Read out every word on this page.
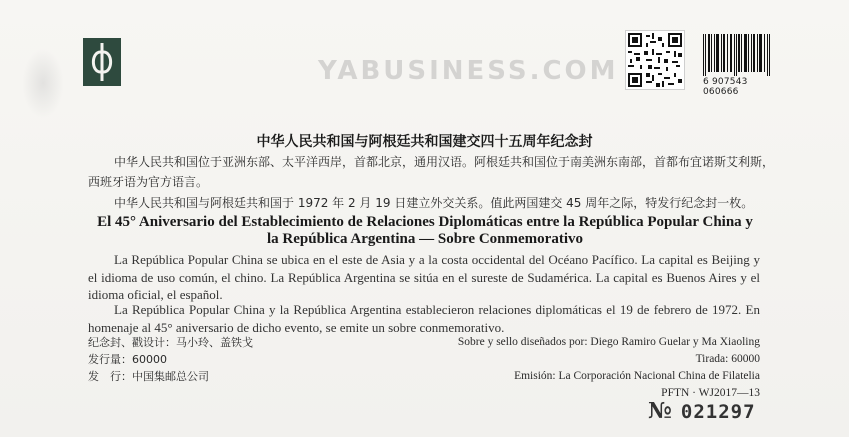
YABUSINESS.COM	6 907543 060666
中华人民共和国与阿根廷共和国建交四十五周年纪念封
中华人民共和国位于亚洲东部、太平洋西岸，首都北京，通用汉语。阿根廷共和国位于南美洲东南部，首都布宜诺斯艾利斯，西班牙语为官方语言。
中华人民共和国与阿根廷共和国于 1972 年 2 月 19 日建立外交关系。值此两国建交 45 周年之际，特发行纪念封一枚。
El 45° Aniversario del Establecimiento de Relaciones Diplomáticas entre la República Popular China y
la República Argentina — Sobre Conmemorativo
La República Popular China se ubica en el este de Asia y a la costa occidental del Océano Pacífico. La capital es Beijing y el idioma de uso común, el chino. La República Argentina se sitúa en el sureste de Sudamérica. La capital es Buenos Aires y el idioma oficial, el español.
La República Popular China y la República Argentina establecieron relaciones diplomáticas el 19 de febrero de 1972. En homenaje al 45° aniversario de dicho evento, se emite un sobre conmemorativo.
纪念封、戳设计：马小玲、盖铁戈
发行量：60000
发　行：中国集邮总公司
Sobre y sello diseñados por: Diego Ramiro Guelar y Ma Xiaoling
Tirada: 60000
Emisión: La Corporación Nacional China de Filatelia
PFTN · WJ2017—13
№ 021297
